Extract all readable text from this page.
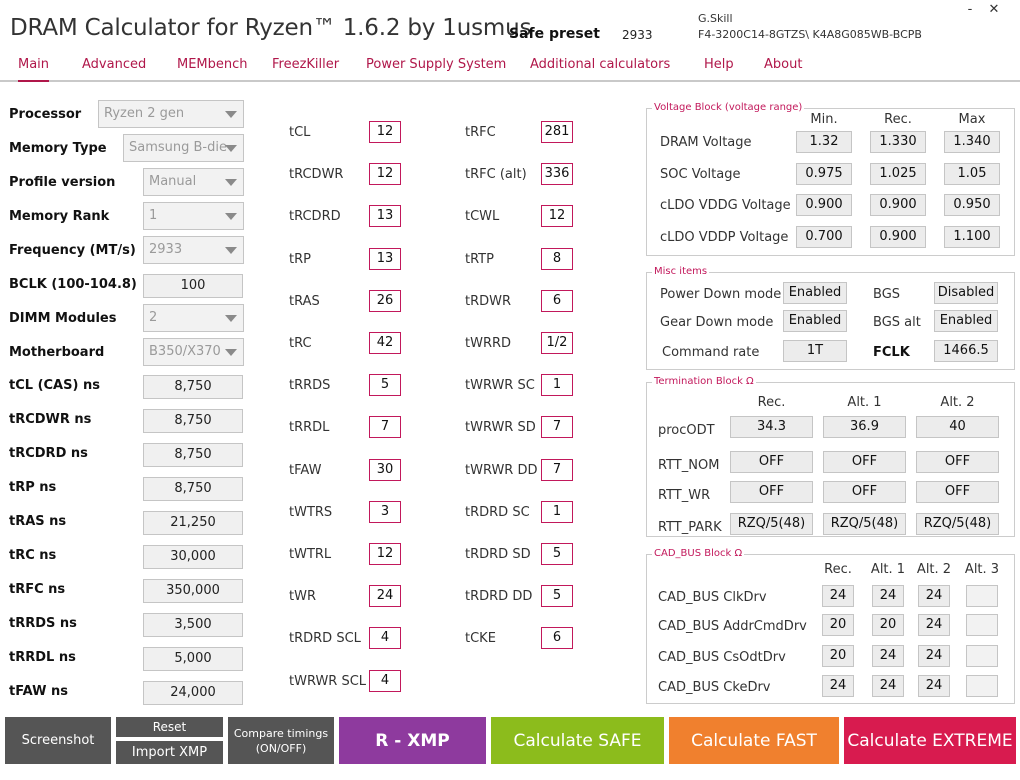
DRAM Calculator for Ryzen™ 1.6.2 by 1usmus
Safe preset 2933
G.Skill
F4-3200C14-8GTZS\ K4A8G085WB-BCPB
-	✕
Main	Advanced MEMbench FreezKiller Power Supply System Additional calculators	Help About
Processor	Ryzen 2 gen
Memory Type	Samsung B-die
Profile version	Manual
Memory Rank	1
Frequency (MT/s)	2933
BCLK (100-104.8)	100
DIMM Modules	2
Motherboard	B350/X370
tCL (CAS) ns	8,750
tRCDWR ns	8,750
tRCDRD ns	8,750
tRP ns	8,750
tRAS ns	21,250
tRC ns	30,000
tRFC ns	350,000
tRRDS ns	3,500
tRRDL ns	5,000
tFAW ns	24,000
tCL	12
tRCDWR	12
tRCDRD	13
tRP	13
tRAS	26
tRC	42
tRRDS	5
tRRDL	7
tFAW	30
tWTRS	3
tWTRL	12
tWR	24
tRDRD SCL	4
tWRWR SCL	4
tRFC	281
tRFC (alt) 336
tCWL	12
tRTP	8
tRDWR	6
tWRRD	1/2
tWRWR SC	1
tWRWR SD	7
tWRWR DD	7
tRDRD SC	1
tRDRD SD	5
tRDRD DD	5
tCKE	6
Voltage Block (voltage range)
Min.	Rec.	Max
DRAM Voltage	1.32	1.330	1.340
SOC Voltage	0.975	1.025	1.05
cLDO VDDG Voltage	0.900	0.900	0.950
cLDO VDDP Voltage	0.700	0.900	1.100
Misc items
Power Down mode Enabled	BGS	Disabled
Gear Down mode	Enabled	BGS alt	Enabled
Command rate	1T	FCLK	1466.5
Termination Block Ω
Rec.	Alt. 1	Alt. 2
procODT	34.3	36.9	40
RTT_NOM	OFF	OFF	OFF
RTT_WR	OFF	OFF	OFF
RTT_PARK	RZQ/5(48)	RZQ/5(48)	RZQ/5(48)
CAD_BUS Block Ω
Rec.	Alt. 1 Alt. 2	Alt. 3
CAD_BUS ClkDrv	24	24	24
CAD_BUS AddrCmdDrv	20	20	24
CAD_BUS CsOdtDrv	20	24	24
CAD_BUS CkeDrv	24	24	24
Screenshot
Reset
Import XMP
Compare timings
(ON/OFF)	R - XMP	Calculate SAFE	Calculate FAST	Calculate EXTREME
